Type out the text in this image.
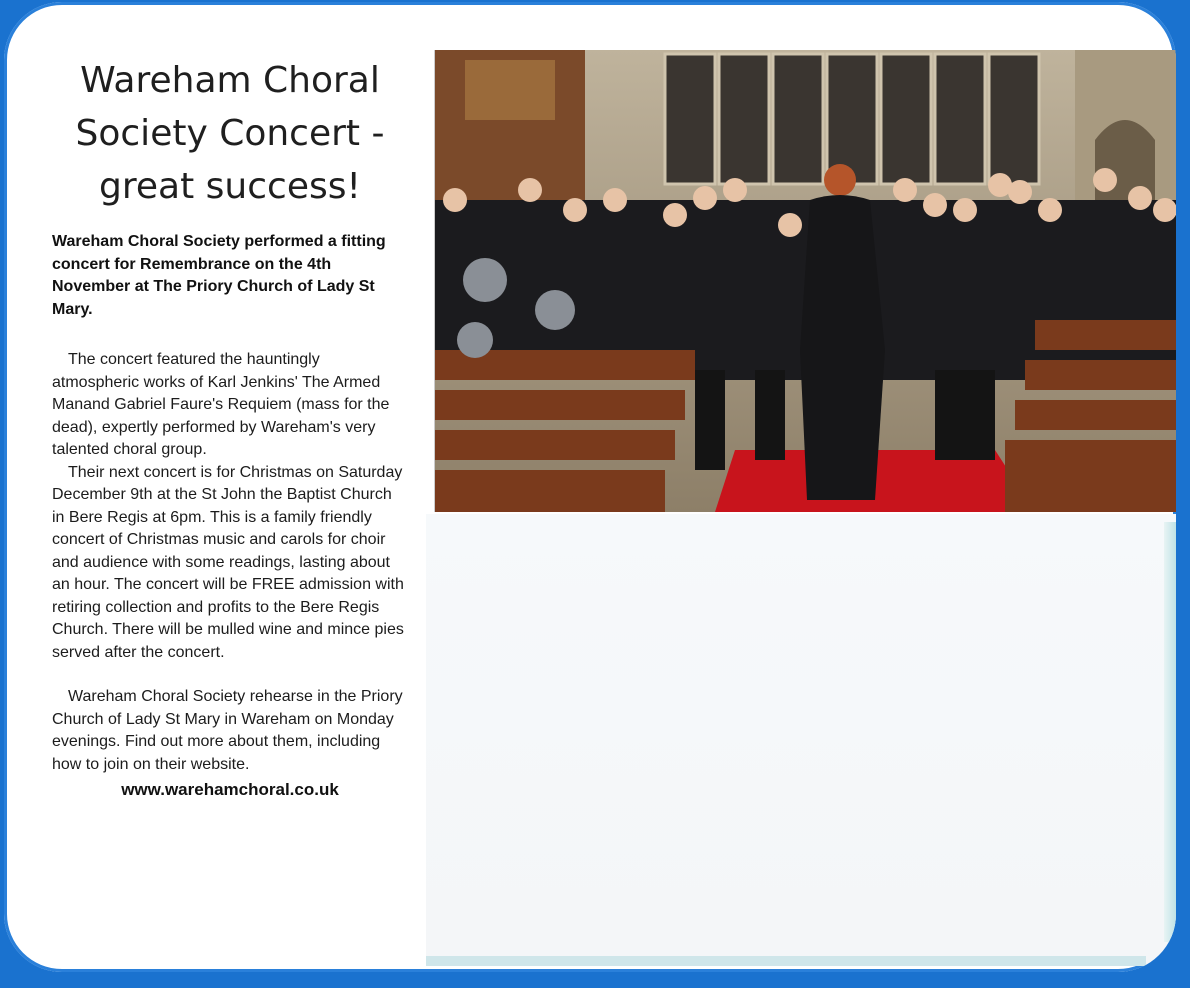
Wareham Choral Society Concert - great success!

Wareham Choral Society performed a fitting concert for Remembrance on the 4th November at The Priory Church of Lady St Mary.

The concert featured the hauntingly atmospheric works of Karl Jenkins' The Armed Manand Gabriel Faure's Requiem (mass for the dead), expertly performed by Wareham's very talented choral group.

Their next concert is for Christmas on Saturday December 9th at the St John the Baptist Church in Bere Regis at 6pm. This is a family friendly concert of Christmas music and carols for choir and audience with some readings, lasting about an hour. The concert will be FREE admission with retiring collection and profits to the Bere Regis Church. There will be mulled wine and mince pies served after the concert.

Wareham Choral Society rehearse in the Priory Church of Lady St Mary in Wareham on Monday evenings. Find out more about them, including how to join on their website.

www.warehamchoral.co.uk
